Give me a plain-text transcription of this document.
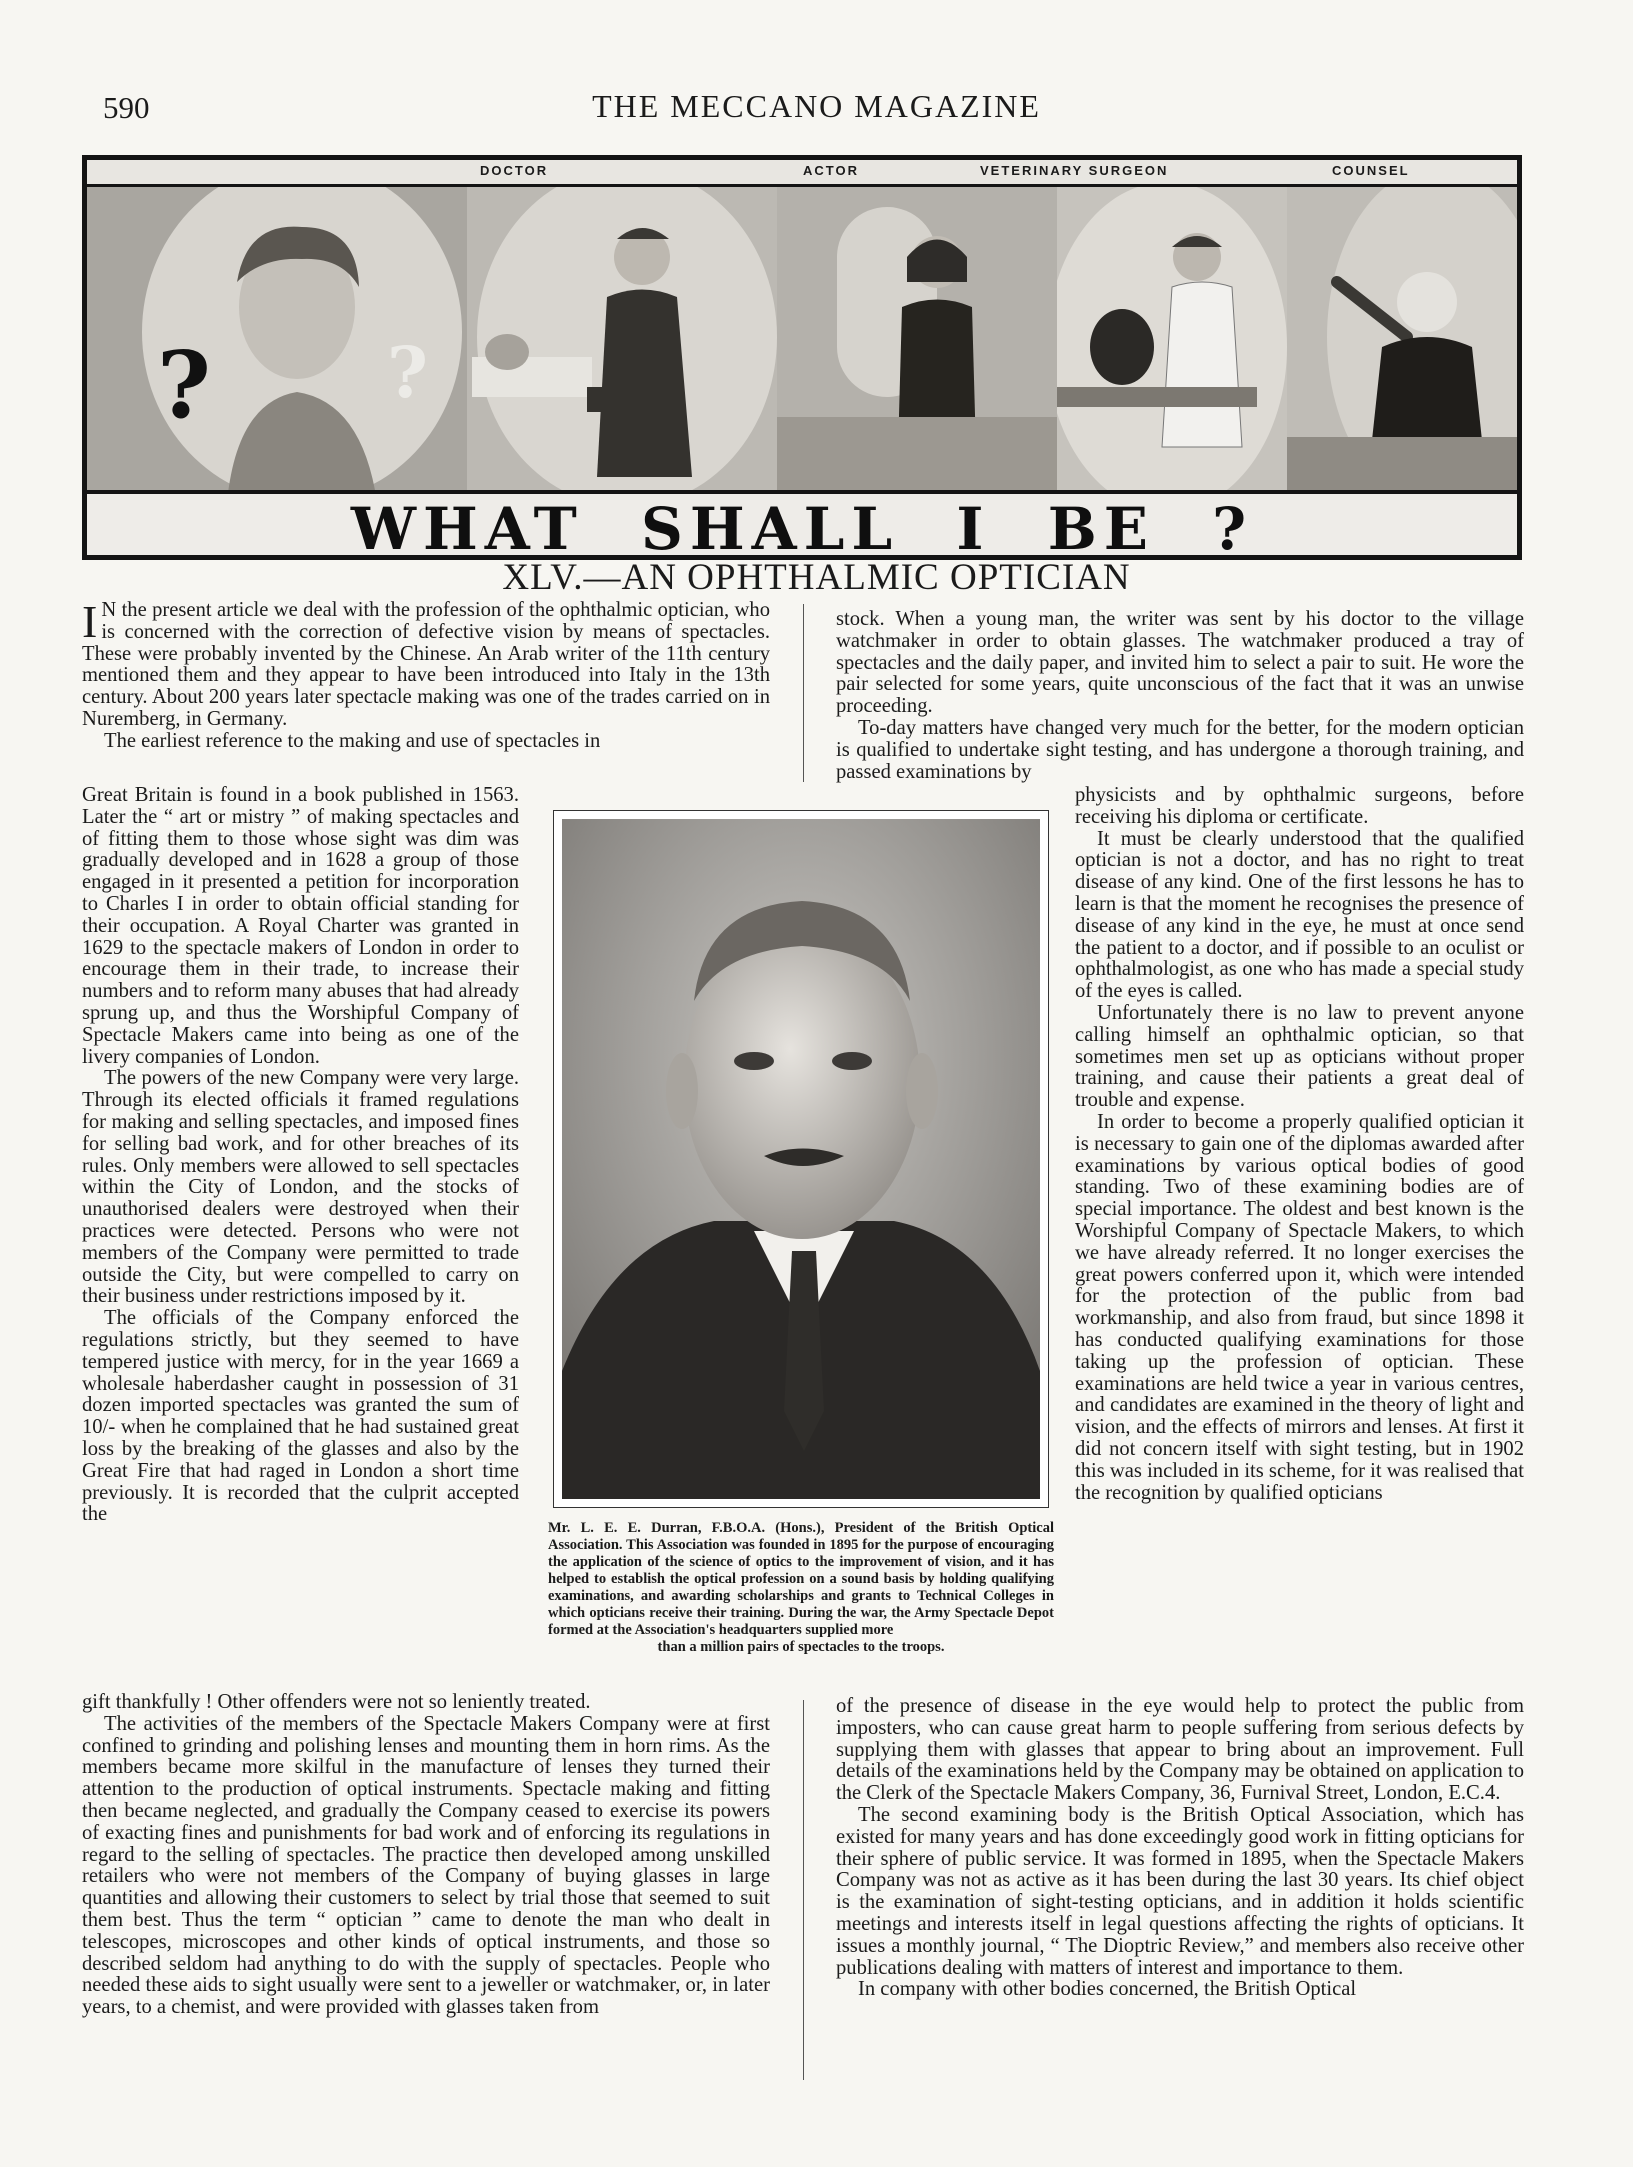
590	THE MECCANO MAGAZINE
DOCTOR	ACTOR	VETERINARY SURGEON	COUNSEL
?	?
WHAT SHALL I BE ?
XLV.—AN OPHTHALMIC OPTICIAN

I N the present article we deal with the profession of the ophthalmic optician, who is concerned with the correction of defective vision by means of spectacles. These were probably invented by the Chinese. An Arab writer of the 11th century mentioned them and they appear to have been introduced into Italy in the 13th century. About 200 years later spectacle making was one of the trades carried on in Nuremberg, in Germany.

The earliest reference to the making and use of spectacles in

Great Britain is found in a book published in 1563. Later the “ art or mistry ” of making spectacles and of fitting them to those whose sight was dim was gradually developed and in 1628 a group of those engaged in it presented a petition for incorporation to Charles I in order to obtain official standing for their occupation. A Royal Charter was granted in 1629 to the spectacle makers of London in order to encourage them in their trade, to increase their numbers and to reform many abuses that had already sprung up, and thus the Worshipful Company of Spectacle Makers came into being as one of the livery companies of London.

The powers of the new Company were very large. Through its elected officials it framed regulations for making and selling spectacles, and imposed fines for selling bad work, and for other breaches of its rules. Only members were allowed to sell spectacles within the City of London, and the stocks of unauthorised dealers were destroyed when their practices were detected. Persons who were not members of the Company were permitted to trade outside the City, but were compelled to carry on their business under restrictions imposed by it.

The officials of the Company enforced the regulations strictly, but they seemed to have tempered justice with mercy, for in the year 1669 a wholesale haberdasher caught in possession of 31 dozen imported spectacles was granted the sum of 10/- when he complained that he had sustained great loss by the breaking of the glasses and also by the Great Fire that had raged in London a short time previously. It is recorded that the culprit accepted the

gift thankfully ! Other offenders were not so leniently treated.

The activities of the members of the Spectacle Makers Company were at first confined to grinding and polishing lenses and mounting them in horn rims. As the members became more skilful in the manufacture of lenses they turned their attention to the production of optical instruments. Spectacle making and fitting then became neglected, and gradually the Company ceased to exercise its powers of exacting fines and punishments for bad work and of enforcing its regulations in regard to the selling of spectacles. The practice then developed among unskilled retailers who were not members of the Company of buying glasses in large quantities and allowing their customers to select by trial those that seemed to suit them best. Thus the term “ optician ” came to denote the man who dealt in telescopes, microscopes and other kinds of optical instruments, and those so described seldom had anything to do with the supply of spectacles. People who needed these aids to sight usually were sent to a jeweller or watchmaker, or, in later years, to a chemist, and were provided with glasses taken from

stock. When a young man, the writer was sent by his doctor to the village watchmaker in order to obtain glasses. The watchmaker produced a tray of spectacles and the daily paper, and invited him to select a pair to suit. He wore the pair selected for some years, quite unconscious of the fact that it was an unwise proceeding.

To-day matters have changed very much for the better, for the modern optician is qualified to undertake sight testing, and has undergone a thorough training, and passed examinations by

physicists and by ophthalmic surgeons, before receiving his diploma or certificate.

It must be clearly understood that the qualified optician is not a doctor, and has no right to treat disease of any kind. One of the first lessons he has to learn is that the moment he recognises the presence of disease of any kind in the eye, he must at once send the patient to a doctor, and if possible to an oculist or ophthalmologist, as one who has made a special study of the eyes is called.

Unfortunately there is no law to prevent anyone calling himself an ophthalmic optician, so that sometimes men set up as opticians without proper training, and cause their patients a great deal of trouble and expense.

In order to become a properly qualified optician it is necessary to gain one of the diplomas awarded after examinations by various optical bodies of good standing. Two of these examining bodies are of special importance. The oldest and best known is the Worshipful Company of Spectacle Makers, to which we have already referred. It no longer exercises the great powers conferred upon it, which were intended for the protection of the public from bad workmanship, and also from fraud, but since 1898 it has conducted qualifying examinations for those taking up the profession of optician. These examinations are held twice a year in various centres, and candidates are examined in the theory of light and vision, and the effects of mirrors and lenses. At first it did not concern itself with sight testing, but in 1902 this was included in its scheme, for it was realised that the recognition by qualified opticians

of the presence of disease in the eye would help to protect the public from imposters, who can cause great harm to people suffering from serious defects by supplying them with glasses that appear to bring about an improvement. Full details of the examinations held by the Company may be obtained on application to the Clerk of the Spectacle Makers Company, 36, Furnival Street, London, E.C.4.

The second examining body is the British Optical Association, which has existed for many years and has done exceedingly good work in fitting opticians for their sphere of public service. It was formed in 1895, when the Spectacle Makers Company was not as active as it has been during the last 30 years. Its chief object is the examination of sight-testing opticians, and in addition it holds scientific meetings and interests itself in legal questions affecting the rights of opticians. It issues a monthly journal, “ The Dioptric Review,” and members also receive other publications dealing with matters of interest and importance to them.

In company with other bodies concerned, the British Optical

Mr. L. E. E. Durran, F.B.O.A. (Hons.), President of the British Optical Association. This Association was founded in 1895 for the purpose of encouraging the application of the science of optics to the improvement of vision, and it has helped to establish the optical profession on a sound basis by holding qualifying examinations, and awarding scholarships and grants to Technical Colleges in which opticians receive their training. During the war, the Army Spectacle Depot formed at the Association's headquarters supplied more
than a million pairs of spectacles to the troops.
